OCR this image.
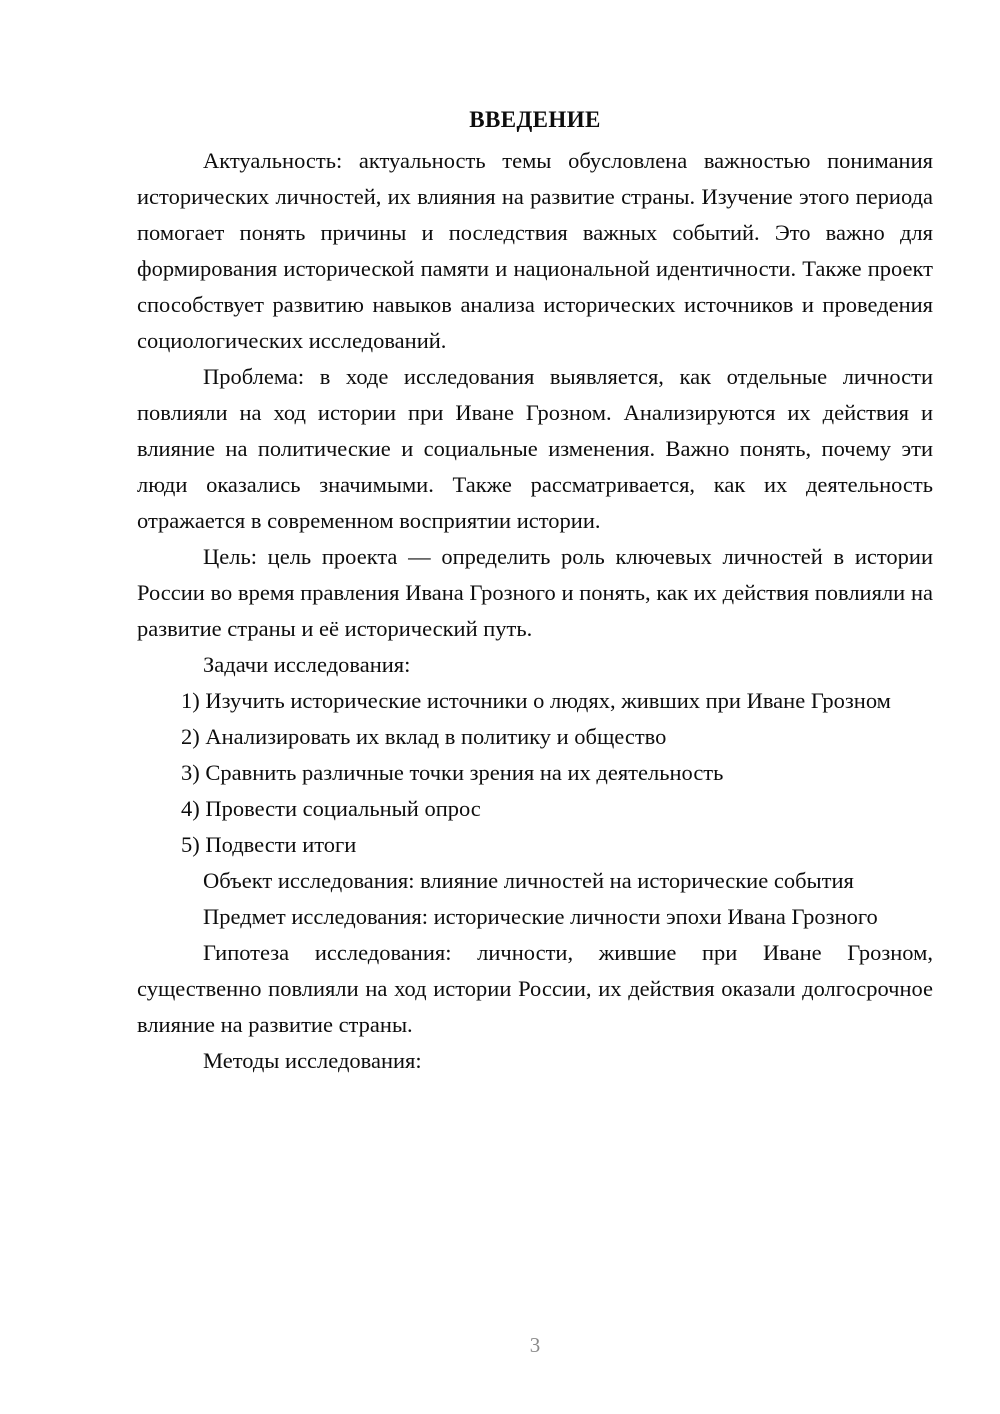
ВВЕДЕНИЕ

Актуальность: актуальность темы обусловлена важностью понимания исторических личностей, их влияния на развитие страны. Изучение этого периода помогает понять причины и последствия важных событий. Это важно для формирования исторической памяти и национальной идентичности. Также проект способствует развитию навыков анализа исторических источников и проведения социологических исследований.

Проблема: в ходе исследования выявляется, как отдельные личности повлияли на ход истории при Иване Грозном. Анализируются их действия и влияние на политические и социальные изменения. Важно понять, почему эти люди оказались значимыми. Также рассматривается, как их деятельность отражается в современном восприятии истории.

Цель: цель проекта — определить роль ключевых личностей в истории России во время правления Ивана Грозного и понять, как их действия повлияли на развитие страны и её исторический путь.

Задачи исследования:

1) Изучить исторические источники о людях, живших при Иване Грозном

2) Анализировать их вклад в политику и общество

3) Сравнить различные точки зрения на их деятельность

4) Провести социальный опрос

5) Подвести итоги

Объект исследования: влияние личностей на исторические события

Предмет исследования: исторические личности эпохи Ивана Грозного

Гипотеза исследования: личности, жившие при Иване Грозном, существенно повлияли на ход истории России, их действия оказали долгосрочное влияние на развитие страны.

Методы исследования:

3
